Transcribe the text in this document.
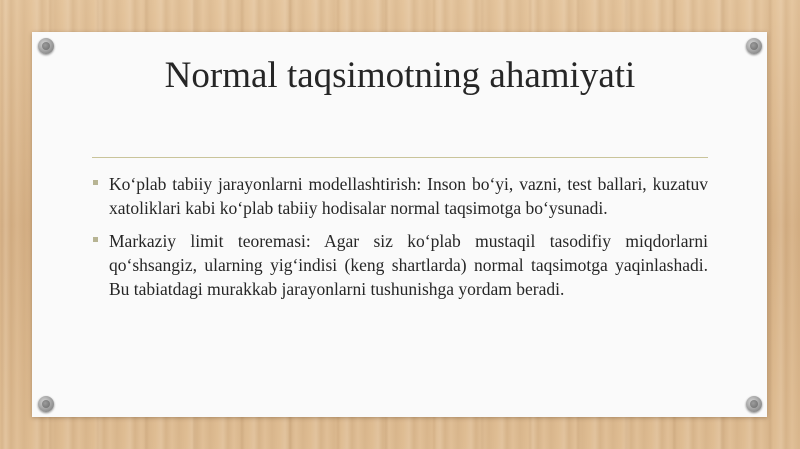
Normal taqsimotning ahamiyati
Ko‘plab tabiiy jarayonlarni modellashtirish: Inson bo‘yi, vazni, test ballari, kuzatuv xatoliklari kabi ko‘plab tabiiy hodisalar normal taqsimotga bo‘ysunadi.
Markaziy limit teoremasi: Agar siz ko‘plab mustaqil tasodifiy miqdorlarni qo‘shsangiz, ularning yig‘indisi (keng shartlarda) normal taqsimotga yaqinlashadi. Bu tabiatdagi murakkab jarayonlarni tushunishga yordam beradi.
